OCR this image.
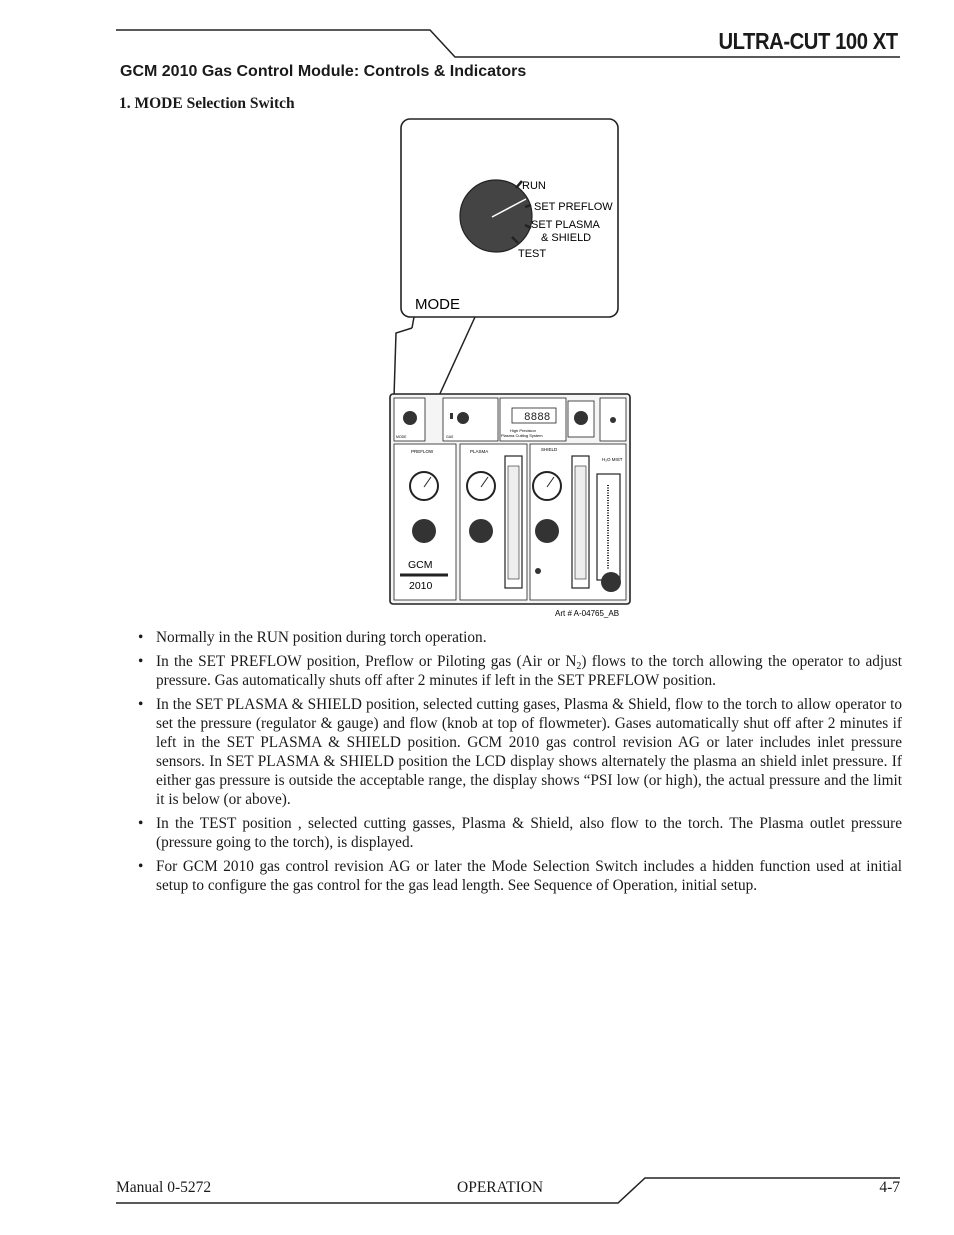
ULTRA-CUT 100 XT
GCM 2010 Gas Control Module: Controls & Indicators
1. MODE Selection Switch
RUN
SET PREFLOW
SET PLASMA
& SHIELD
TEST
MODE
MODE	GAS
8888
High Precision
Plasma Cutting System
PREFLOW
GCM
2010
PLASMA	SHIELD
H₂O MIST
Art # A-04765_AB
• Normally in the RUN position during torch operation.
• In the SET PREFLOW position, Preflow or Piloting gas (Air or $N_2$) flows to the torch allowing the operator to adjust pressure. Gas automatically shuts off after 2 minutes if left in the SET PREFLOW position.
• In the SET PLASMA & SHIELD position, selected cutting gases, Plasma & Shield, flow to the torch to allow operator to set the pressure (regulator & gauge) and flow (knob at top of flowmeter). Gases automatically shut off after 2 minutes if left in the SET PLASMA & SHIELD position. GCM 2010 gas control revision AG or later includes inlet pressure sensors. In SET PLASMA & SHIELD position the LCD display shows alternately the plasma an shield inlet pressure. If either gas pressure is outside the acceptable range, the display shows “PSI low (or high), the actual pressure and the limit it is below (or above).
• In the TEST position , selected cutting gasses, Plasma & Shield, also flow to the torch. The Plasma outlet pressure (pressure going to the torch), is displayed.
• For GCM 2010 gas control revision AG or later the Mode Selection Switch includes a hidden function used at initial setup to configure the gas control for the gas lead length. See Sequence of Operation, initial setup.
Manual 0-5272	OPERATION	4-7
